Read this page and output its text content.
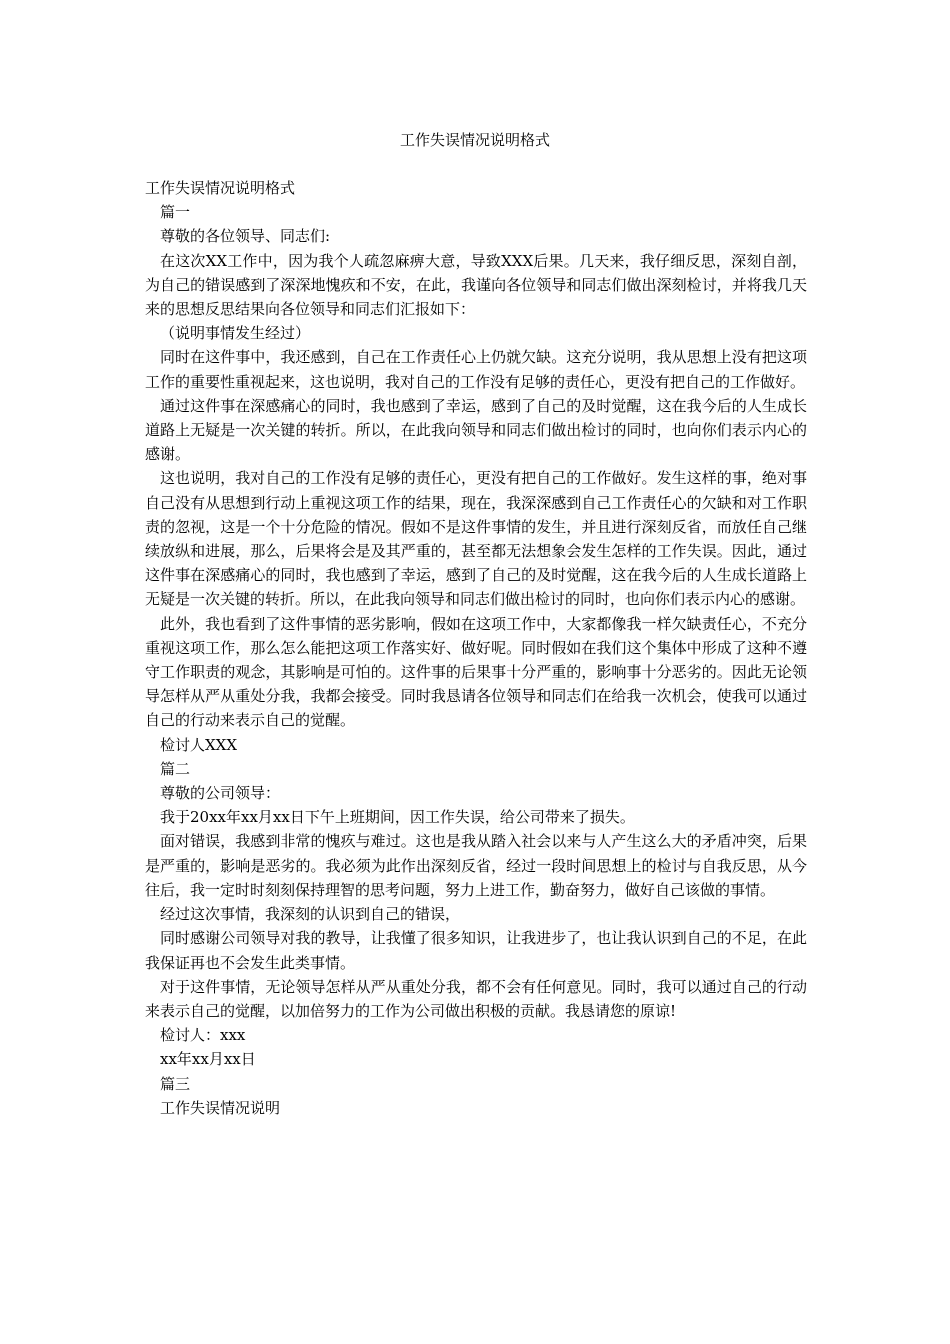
工作失误情况说明格式

工作失误情况说明格式

篇一

尊敬的各位领导、同志们:

在这次XX工作中，因为我个人疏忽麻痹大意，导致XXX后果。几天来，我仔细反思，深刻自剖，为自己的错误感到了深深地愧疚和不安，在此，我谨向各位领导和同志们做出深刻检讨，并将我几天来的思想反思结果向各位领导和同志们汇报如下：

（说明事情发生经过）

同时在这件事中，我还感到，自己在工作责任心上仍就欠缺。这充分说明，我从思想上没有把这项工作的重要性重视起来，这也说明，我对自己的工作没有足够的责任心，更没有把自己的工作做好。

通过这件事在深感痛心的同时，我也感到了幸运，感到了自己的及时觉醒，这在我今后的人生成长道路上无疑是一次关键的转折。所以，在此我向领导和同志们做出检讨的同时，也向你们表示内心的感谢。

这也说明，我对自己的工作没有足够的责任心，更没有把自己的工作做好。发生这样的事，绝对事自己没有从思想到行动上重视这项工作的结果，现在，我深深感到自己工作责任心的欠缺和对工作职责的忽视，这是一个十分危险的情况。假如不是这件事情的发生，并且进行深刻反省，而放任自己继续放纵和进展，那么，后果将会是及其严重的，甚至都无法想象会发生怎样的工作失误。因此，通过这件事在深感痛心的同时，我也感到了幸运，感到了自己的及时觉醒，这在我今后的人生成长道路上无疑是一次关键的转折。所以，在此我向领导和同志们做出检讨的同时，也向你们表示内心的感谢。

此外，我也看到了这件事情的恶劣影响，假如在这项工作中，大家都像我一样欠缺责任心，不充分重视这项工作，那么怎么能把这项工作落实好、做好呢。同时假如在我们这个集体中形成了这种不遵守工作职责的观念，其影响是可怕的。这件事的后果事十分严重的，影响事十分恶劣的。因此无论领导怎样从严从重处分我，我都会接受。同时我恳请各位领导和同志们在给我一次机会，使我可以通过自己的行动来表示自己的觉醒。

检讨人XXX

篇二

尊敬的公司领导：

我于20xx年xx月xx日下午上班期间，因工作失误，给公司带来了损失。

面对错误，我感到非常的愧疚与难过。这也是我从踏入社会以来与人产生这么大的矛盾冲突，后果是严重的，影响是恶劣的。我必须为此作出深刻反省，经过一段时间思想上的检讨与自我反思，从今往后，我一定时时刻刻保持理智的思考问题，努力上进工作，勤奋努力，做好自己该做的事情。

经过这次事情，我深刻的认识到自己的错误，

同时感谢公司领导对我的教导，让我懂了很多知识，让我进步了，也让我认识到自己的不足，在此我保证再也不会发生此类事情。

对于这件事情，无论领导怎样从严从重处分我，都不会有任何意见。同时，我可以通过自己的行动来表示自己的觉醒，以加倍努力的工作为公司做出积极的贡献。我恳请您的原谅!

检讨人：xxx

xx年xx月xx日

篇三

工作失误情况说明
